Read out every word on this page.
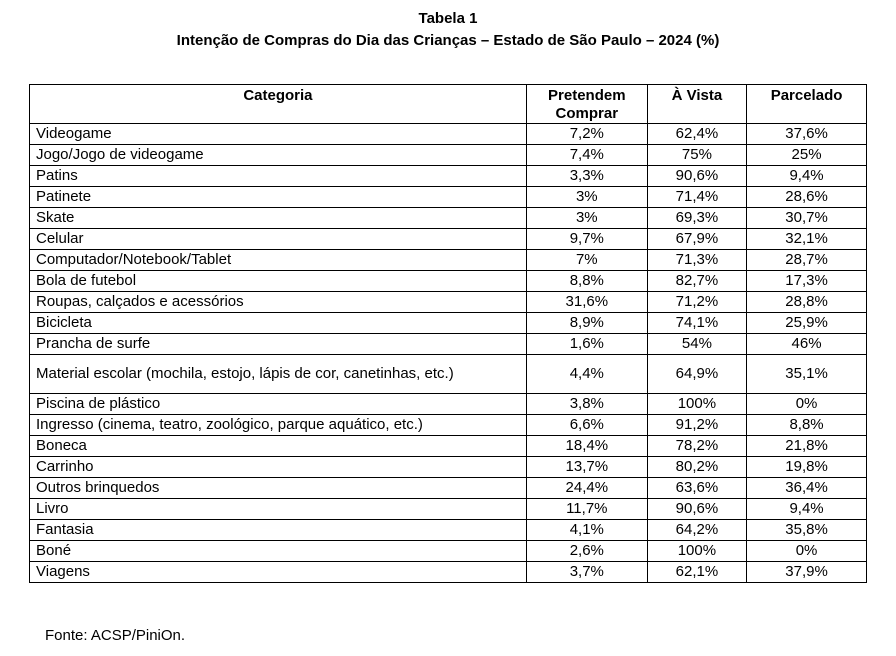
Tabela 1
Intenção de Compras do Dia das Crianças – Estado de São Paulo – 2024 (%)
Categoria	Pretendem Comprar	À Vista	Parcelado
Videogame	7,2%	62,4%	37,6%
Jogo/Jogo de videogame	7,4%	75%	25%
Patins	3,3%	90,6%	9,4%
Patinete	3%	71,4%	28,6%
Skate	3%	69,3%	30,7%
Celular	9,7%	67,9%	32,1%
Computador/Notebook/Tablet	7%	71,3%	28,7%
Bola de futebol	8,8%	82,7%	17,3%
Roupas, calçados e acessórios	31,6%	71,2%	28,8%
Bicicleta	8,9%	74,1%	25,9%
Prancha de surfe	1,6%	54%	46%
Material escolar (mochila, estojo, lápis de cor, canetinhas, etc.)	4,4%	64,9%	35,1%
Piscina de plástico	3,8%	100%	0%
Ingresso (cinema, teatro, zoológico, parque aquático, etc.)	6,6%	91,2%	8,8%
Boneca	18,4%	78,2%	21,8%
Carrinho	13,7%	80,2%	19,8%
Outros brinquedos	24,4%	63,6%	36,4%
Livro	11,7%	90,6%	9,4%
Fantasia	4,1%	64,2%	35,8%
Boné	2,6%	100%	0%
Viagens	3,7%	62,1%	37,9%
Fonte: ACSP/PiniOn.
